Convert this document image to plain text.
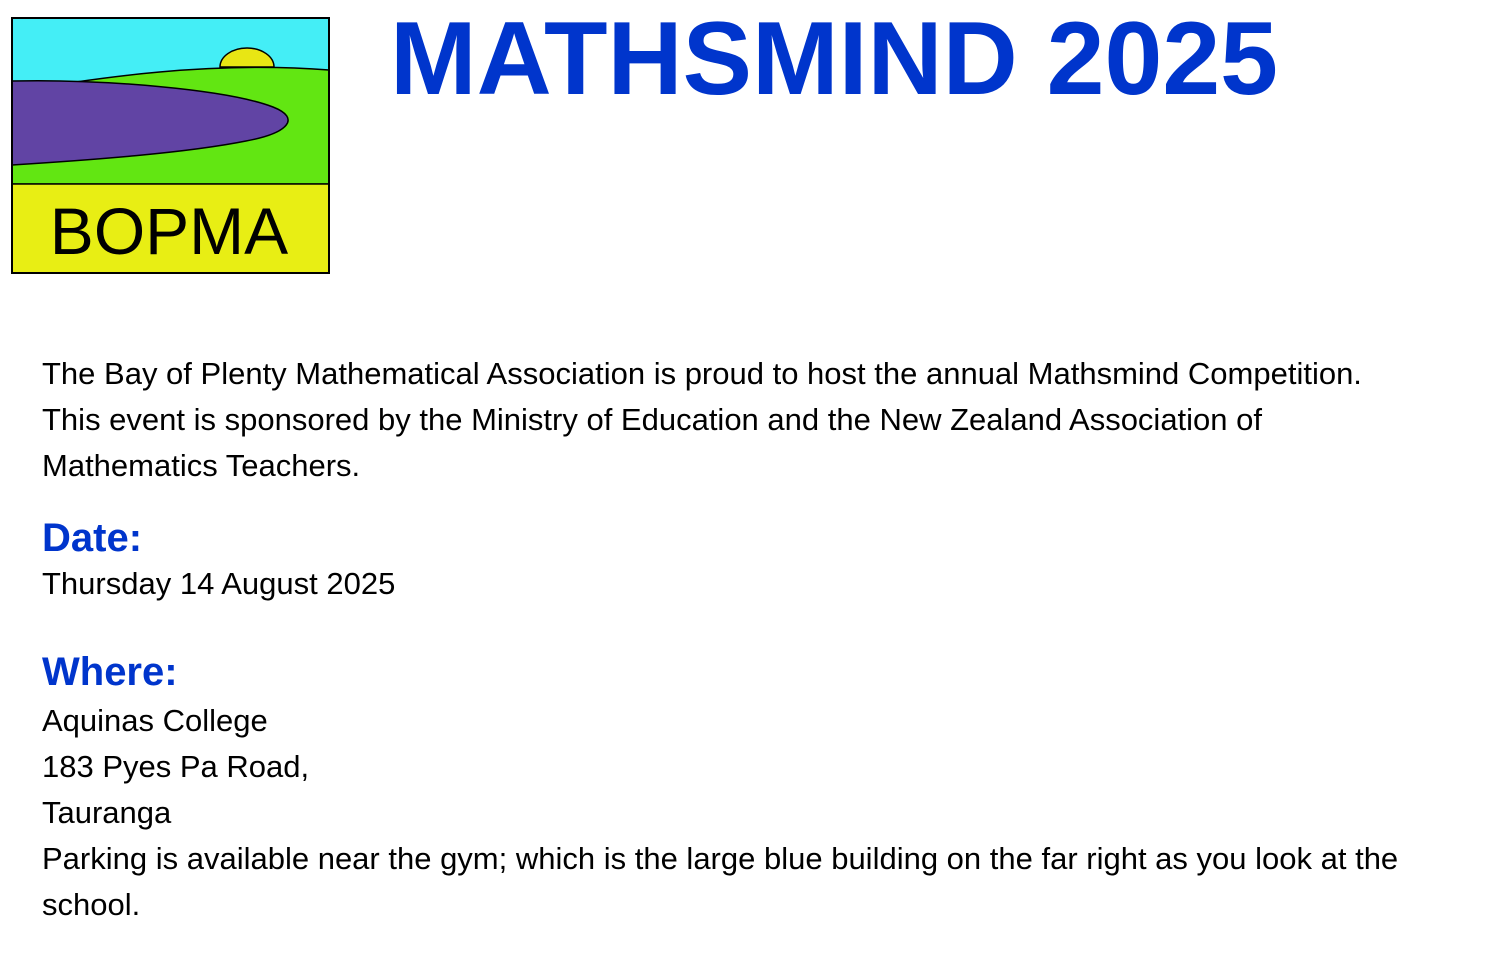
BOPMA
MATHSMIND 2025

The Bay of Plenty Mathematical Association is proud to host the annual Mathsmind Competition. This event is sponsored by the Ministry of Education and the New Zealand Association of Mathematics Teachers.

Date:

Thursday 14 August 2025

Where:

Aquinas College

183 Pyes Pa Road,

Tauranga

Parking is available near the gym; which is the large blue building on the far right as you look at the school.
